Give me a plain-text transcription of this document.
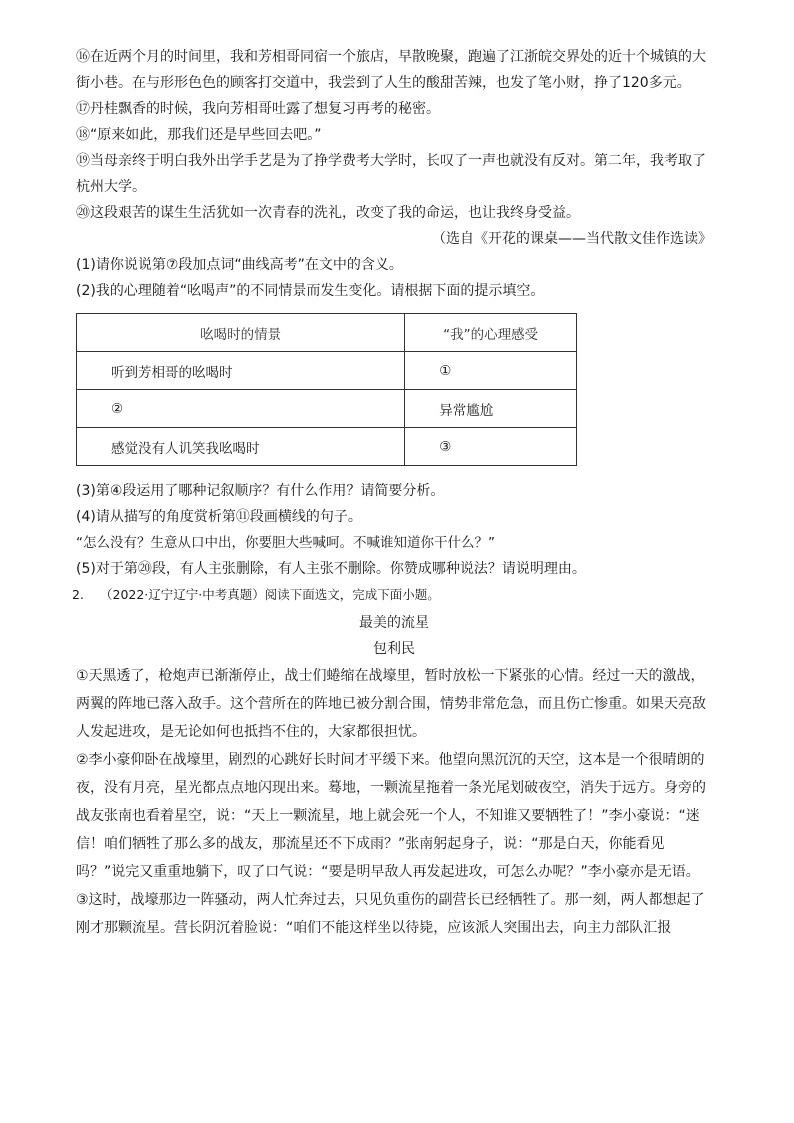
⑯在近两个月的时间里，我和芳相哥同宿一个旅店，早散晚聚，跑遍了江浙皖交界处的近十个城镇的大街小巷。在与形形色色的顾客打交道中，我尝到了人生的酸甜苦辣，也发了笔小财，挣了120多元。

⑰丹桂飘香的时候，我向芳相哥吐露了想复习再考的秘密。

⑱“原来如此，那我们还是早些回去吧。”

⑲当母亲终于明白我外出学手艺是为了挣学费考大学时，长叹了一声也就没有反对。第二年，我考取了杭州大学。

⑳这段艰苦的谋生生活犹如一次青春的洗礼，改变了我的命运，也让我终身受益。

（选自《开花的课桌——当代散文佳作选读》

(1)请你说说第⑦段加点词“曲线高考”在文中的含义。

(2)我的心理随着“吆喝声”的不同情景而发生变化。请根据下面的提示填空。

吆喝时的情景	“我”的心理感受
听到芳相哥的吆喝时	①
②	异常尴尬
感觉没有人讥笑我吆喝时	③

(3)第④段运用了哪种记叙顺序？有什么作用？请简要分析。

(4)请从描写的角度赏析第⑪段画横线的句子。

“怎么没有？生意从口中出，你要胆大些喊呵。不喊谁知道你干什么？”

(5)对于第⑳段，有人主张删除，有人主张不删除。你赞成哪种说法？请说明理由。

2. （2022·辽宁辽宁·中考真题）阅读下面选文，完成下面小题。

最美的流星

包利民

①天黑透了，枪炮声已渐渐停止，战士们蜷缩在战壕里，暂时放松一下紧张的心情。经过一天的激战，两翼的阵地已落入敌手。这个营所在的阵地已被分割合围，情势非常危急，而且伤亡惨重。如果天亮敌人发起进攻，是无论如何也抵挡不住的，大家都很担忧。

②李小豪仰卧在战壕里，剧烈的心跳好长时间才平缓下来。他望向黑沉沉的天空，这本是一个很晴朗的夜，没有月亮，星光都点点地闪现出来。蓦地，一颗流星拖着一条光尾划破夜空，消失于远方。身旁的战友张南也看着星空，说：“天上一颗流星，地上就会死一个人，不知谁又要牺牲了！”李小豪说：“迷信！咱们牺牲了那么多的战友，那流星还不下成雨？”张南躬起身子，说：“那是白天，你能看见吗？”说完又重重地躺下，叹了口气说：“要是明早敌人再发起进攻，可怎么办呢？”李小豪亦是无语。

③这时，战壕那边一阵骚动，两人忙奔过去，只见负重伤的副营长已经牺牲了。那一刻，两人都想起了刚才那颗流星。营长阴沉着脸说：“咱们不能这样坐以待毙，应该派人突围出去，向主力部队汇报
